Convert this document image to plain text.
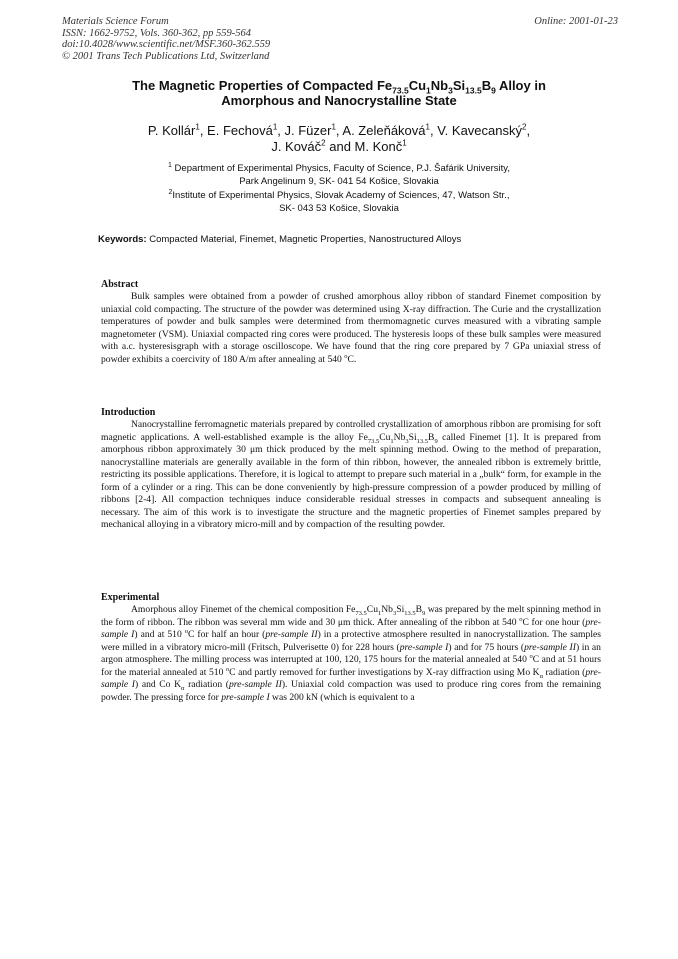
Materials Science Forum
ISSN: 1662-9752, Vols. 360-362, pp 559-564
doi:10.4028/www.scientific.net/MSF.360-362.559
© 2001 Trans Tech Publications Ltd, Switzerland
Online: 2001-01-23
The Magnetic Properties of Compacted $Fe_{73.5}Cu_1Nb_3Si_{13.5}B_9$ Alloy in
Amorphous and Nanocrystalline State
P. Kollár$^1$, E. Fechová$^1$, J. Füzer$^1$, A. Zeleňáková$^1$, V. Kavecanský$^2$,
J. Kováč$^2$ and M. Konč$^1$
$^1$ Department of Experimental Physics, Faculty of Science, P.J. Šafárik University,
Park Angelinum 9, SK- 041 54 Košice, Slovakia
$^2$Institute of Experimental Physics, Slovak Academy of Sciences, 47, Watson Str.,
SK- 043 53 Košice, Slovakia
Keywords: Compacted Material, Finemet, Magnetic Properties, Nanostructured Alloys
Abstract

Bulk samples were obtained from a powder of crushed amorphous alloy ribbon of standard Finemet composition by uniaxial cold compacting. The structure of the powder was determined using X-ray diffraction. The Curie and the crystallization temperatures of powder and bulk samples were determined from thermomagnetic curves measured with a vibrating sample magnetometer (VSM). Uniaxial compacted ring cores were produced. The hysteresis loops of these bulk samples were measured with a.c. hysteresisgraph with a storage oscilloscope. We have found that the ring core prepared by 7 GPa uniaxial stress of powder exhibits a coercivity of 180 A/m after annealing at 540 $^o$C.

Introduction

Nanocrystalline ferromagnetic materials prepared by controlled crystallization of amorphous ribbon are promising for soft magnetic applications. A well-established example is the alloy $Fe_{73.5}Cu_1Nb_3Si_{13.5}B_9$ called Finemet [1]. It is prepared from amorphous ribbon approximately 30 μm thick produced by the melt spinning method. Owing to the method of preparation, nanocrystalline materials are generally available in the form of thin ribbon, however, the annealed ribbon is extremely brittle, restricting its possible applications. Therefore, it is logical to attempt to prepare such material in a „bulk“ form, for example in the form of a cylinder or a ring. This can be done conveniently by high-pressure compression of a powder produced by milling of ribbons [2-4]. All compaction techniques induce considerable residual stresses in compacts and subsequent annealing is necessary. The aim of this work is to investigate the structure and the magnetic properties of Finemet samples prepared by mechanical alloying in a vibratory micro-mill and by compaction of the resulting powder.

Experimental

Amorphous alloy Finemet of the chemical composition $Fe_{73.5}Cu_1Nb_3Si_{13.5}B_9$ was prepared by the melt spinning method in the form of ribbon. The ribbon was several mm wide and 30 μm thick. After annealing of the ribbon at 540 $^o$C for one hour (pre-sample I) and at 510 $^o$C for half an hour (pre-sample II) in a protective atmosphere resulted in nanocrystallization. The samples were milled in a vibratory micro-mill (Fritsch, Pulverisette 0) for 228 hours (pre-sample I) and for 75 hours (pre-sample II) in an argon atmosphere. The milling process was interrupted at 100, 120, 175 hours for the material annealed at 540 $^o$C and at 51 hours for the material annealed at 510 $^o$C and partly removed for further investigations by X-ray diffraction using Mo $K_\alpha$ radiation (pre-sample I) and Co $K_\alpha$ radiation (pre-sample II). Uniaxial cold compaction was used to produce ring cores from the remaining powder. The pressing force for pre-sample I was 200 kN (which is equivalent to a
